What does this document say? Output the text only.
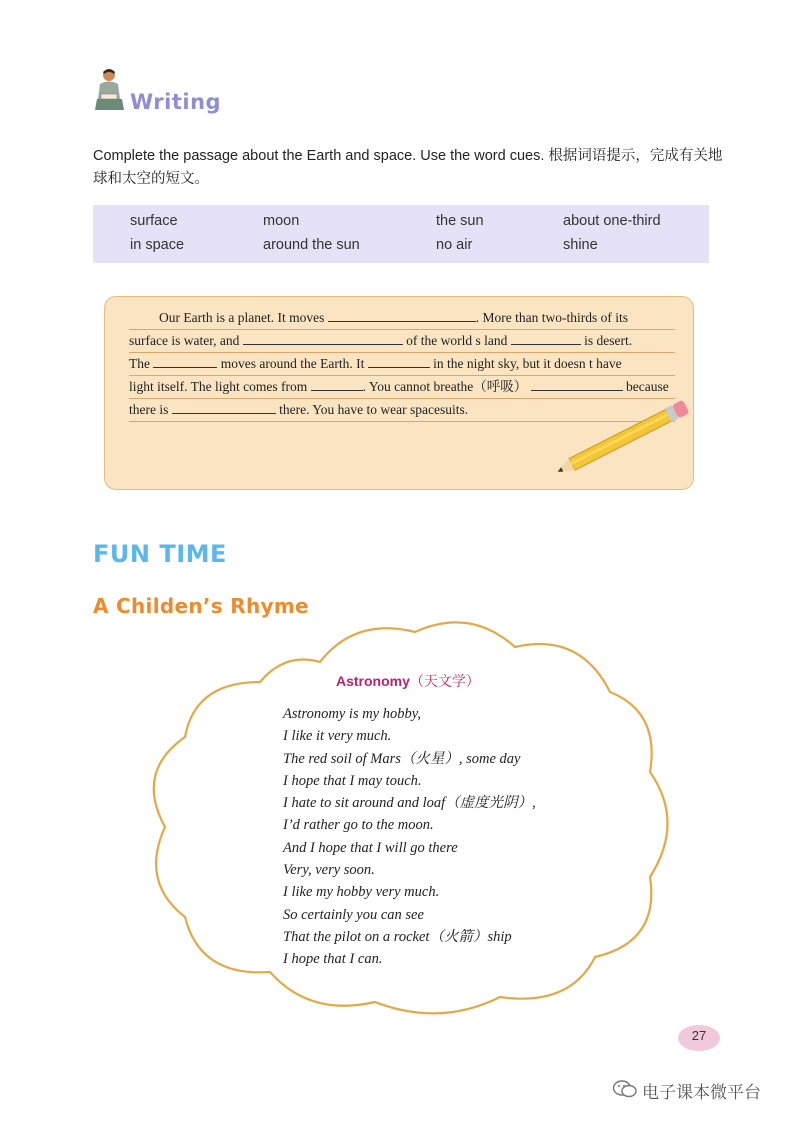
Writing
Complete the passage about the Earth and space. Use the word cues. 根据词语提示，完成有关地球和太空的短文。
surface	moon	the sun	about one-third
in space	around the sun	no air	shine
Our Earth is a planet. It moves	. More than two-thirds of its
surface is water, and	of the world s land	is desert.
The	moves around the Earth. It	in the night sky, but it doesn t have
light itself. The light comes from	. You cannot breathe（呼吸）	because
there is	there. You have to wear spacesuits.
FUN TIME
A Childen’s Rhyme
Astronomy（天文学）
Astronomy is my hobby,
I like it very much.
The red soil of Mars（火星）, some day
I hope that I may touch.
I hate to sit around and loaf（虚度光阴）,
I’d rather go to the moon.
And I hope that I will go there
Very, very soon.
I like my hobby very much.
So certainly you can see
That the pilot on a rocket（火箭）ship
I hope that I can.
27
电子课本微平台
